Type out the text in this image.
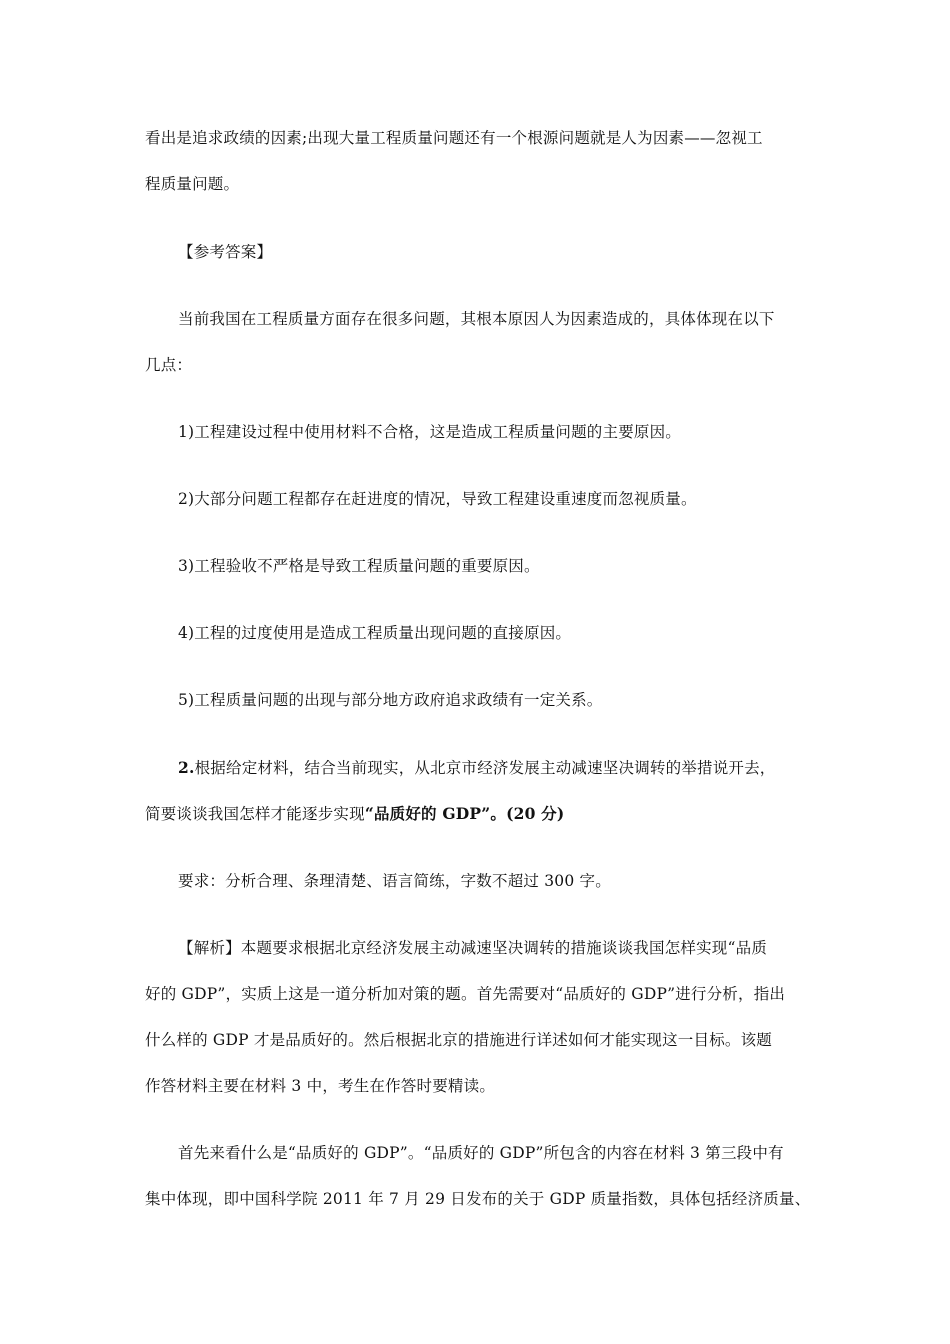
看出是追求政绩的因素;出现大量工程质量问题还有一个根源问题就是人为因素——忽视工
程质量问题。
【参考答案】
当前我国在工程质量方面存在很多问题，其根本原因人为因素造成的，具体体现在以下
几点：
1)工程建设过程中使用材料不合格，这是造成工程质量问题的主要原因。
2)大部分问题工程都存在赶进度的情况，导致工程建设重速度而忽视质量。
3)工程验收不严格是导致工程质量问题的重要原因。
4)工程的过度使用是造成工程质量出现问题的直接原因。
5)工程质量问题的出现与部分地方政府追求政绩有一定关系。
2.根据给定材料，结合当前现实，从北京市经济发展主动减速坚决调转的举措说开去，
简要谈谈我国怎样才能逐步实现“品质好的 GDP”。(20 分)
要求：分析合理、条理清楚、语言简练，字数不超过 300 字。
【解析】本题要求根据北京经济发展主动减速坚决调转的措施谈谈我国怎样实现“品质
好的 GDP”，实质上这是一道分析加对策的题。首先需要对“品质好的 GDP”进行分析，指出
什么样的 GDP 才是品质好的。然后根据北京的措施进行详述如何才能实现这一目标。该题
作答材料主要在材料 3 中，考生在作答时要精读。
首先来看什么是“品质好的 GDP”。“品质好的 GDP”所包含的内容在材料 3 第三段中有
集中体现，即中国科学院 2011 年 7 月 29 日发布的关于 GDP 质量指数，具体包括经济质量、
